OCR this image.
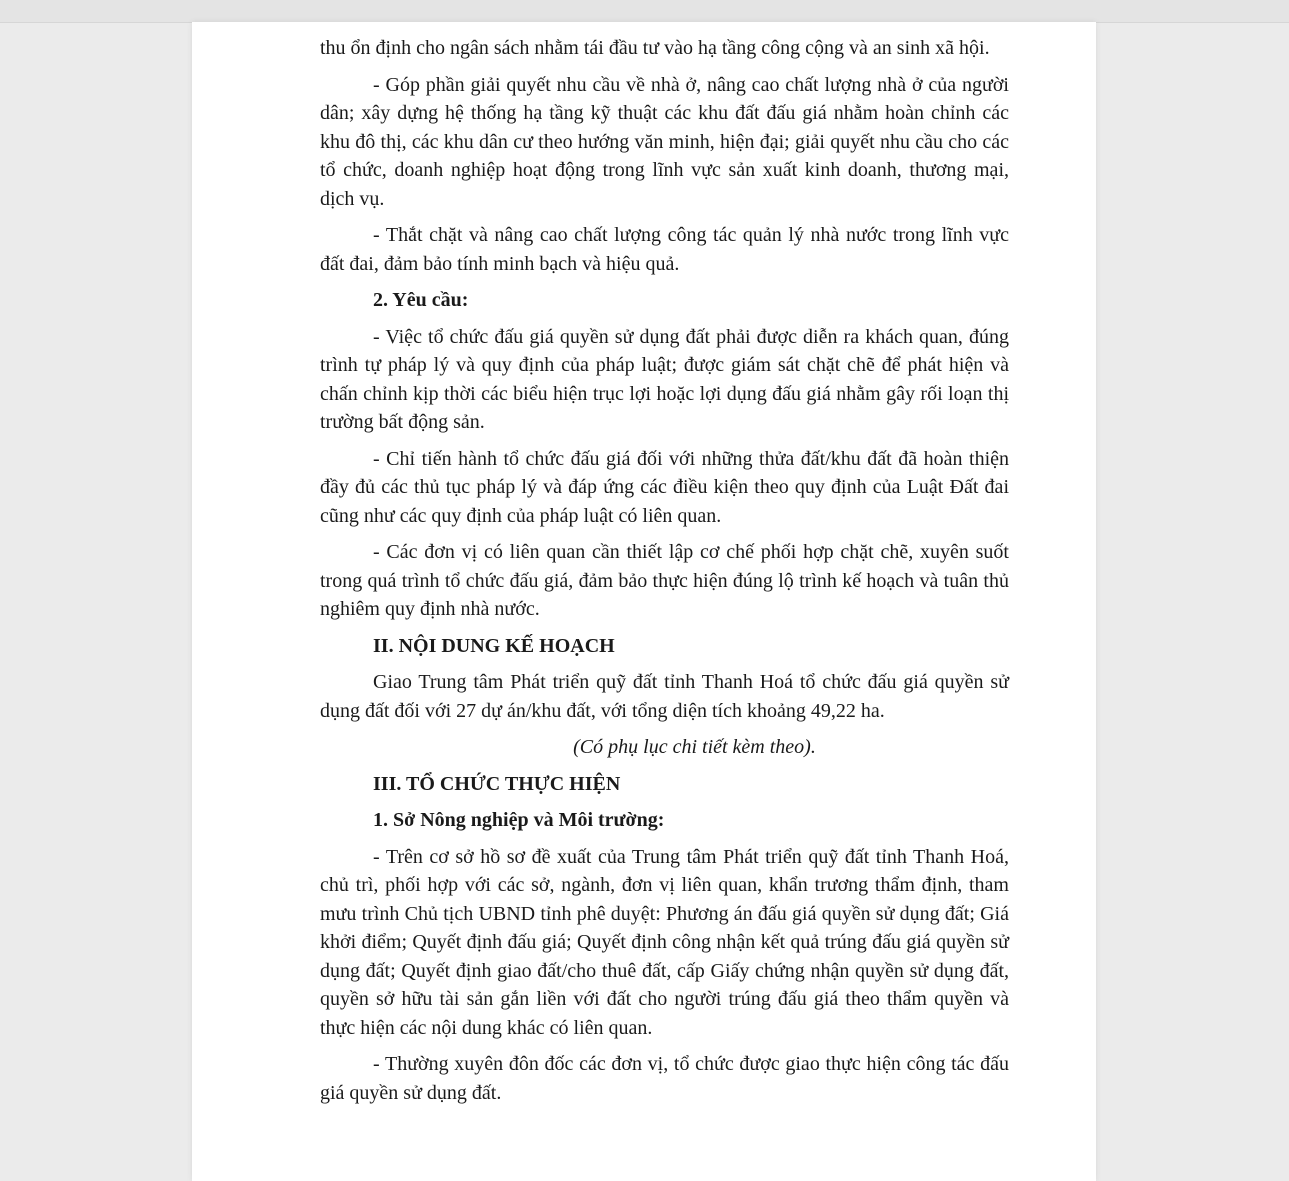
thu ổn định cho ngân sách nhằm tái đầu tư vào hạ tầng công cộng và an sinh xã hội.

- Góp phần giải quyết nhu cầu về nhà ở, nâng cao chất lượng nhà ở của người dân; xây dựng hệ thống hạ tầng kỹ thuật các khu đất đấu giá nhằm hoàn chỉnh các khu đô thị, các khu dân cư theo hướng văn minh, hiện đại; giải quyết nhu cầu cho các tổ chức, doanh nghiệp hoạt động trong lĩnh vực sản xuất kinh doanh, thương mại, dịch vụ.

- Thắt chặt và nâng cao chất lượng công tác quản lý nhà nước trong lĩnh vực đất đai, đảm bảo tính minh bạch và hiệu quả.

2. Yêu cầu:

- Việc tổ chức đấu giá quyền sử dụng đất phải được diễn ra khách quan, đúng trình tự pháp lý và quy định của pháp luật; được giám sát chặt chẽ để phát hiện và chấn chỉnh kịp thời các biểu hiện trục lợi hoặc lợi dụng đấu giá nhằm gây rối loạn thị trường bất động sản.

- Chỉ tiến hành tổ chức đấu giá đối với những thửa đất/khu đất đã hoàn thiện đầy đủ các thủ tục pháp lý và đáp ứng các điều kiện theo quy định của Luật Đất đai cũng như các quy định của pháp luật có liên quan.

- Các đơn vị có liên quan cần thiết lập cơ chế phối hợp chặt chẽ, xuyên suốt trong quá trình tổ chức đấu giá, đảm bảo thực hiện đúng lộ trình kế hoạch và tuân thủ nghiêm quy định nhà nước.

II. NỘI DUNG KẾ HOẠCH

Giao Trung tâm Phát triển quỹ đất tỉnh Thanh Hoá tổ chức đấu giá quyền sử dụng đất đối với 27 dự án/khu đất, với tổng diện tích khoảng 49,22 ha.

(Có phụ lục chi tiết kèm theo).

III. TỔ CHỨC THỰC HIỆN
1. Sở Nông nghiệp và Môi trường:

- Trên cơ sở hồ sơ đề xuất của Trung tâm Phát triển quỹ đất tỉnh Thanh Hoá, chủ trì, phối hợp với các sở, ngành, đơn vị liên quan, khẩn trương thẩm định, tham mưu trình Chủ tịch UBND tỉnh phê duyệt: Phương án đấu giá quyền sử dụng đất; Giá khởi điểm; Quyết định đấu giá; Quyết định công nhận kết quả trúng đấu giá quyền sử dụng đất; Quyết định giao đất/cho thuê đất, cấp Giấy chứng nhận quyền sử dụng đất, quyền sở hữu tài sản gắn liền với đất cho người trúng đấu giá theo thẩm quyền và thực hiện các nội dung khác có liên quan.

- Thường xuyên đôn đốc các đơn vị, tổ chức được giao thực hiện công tác đấu giá quyền sử dụng đất.
